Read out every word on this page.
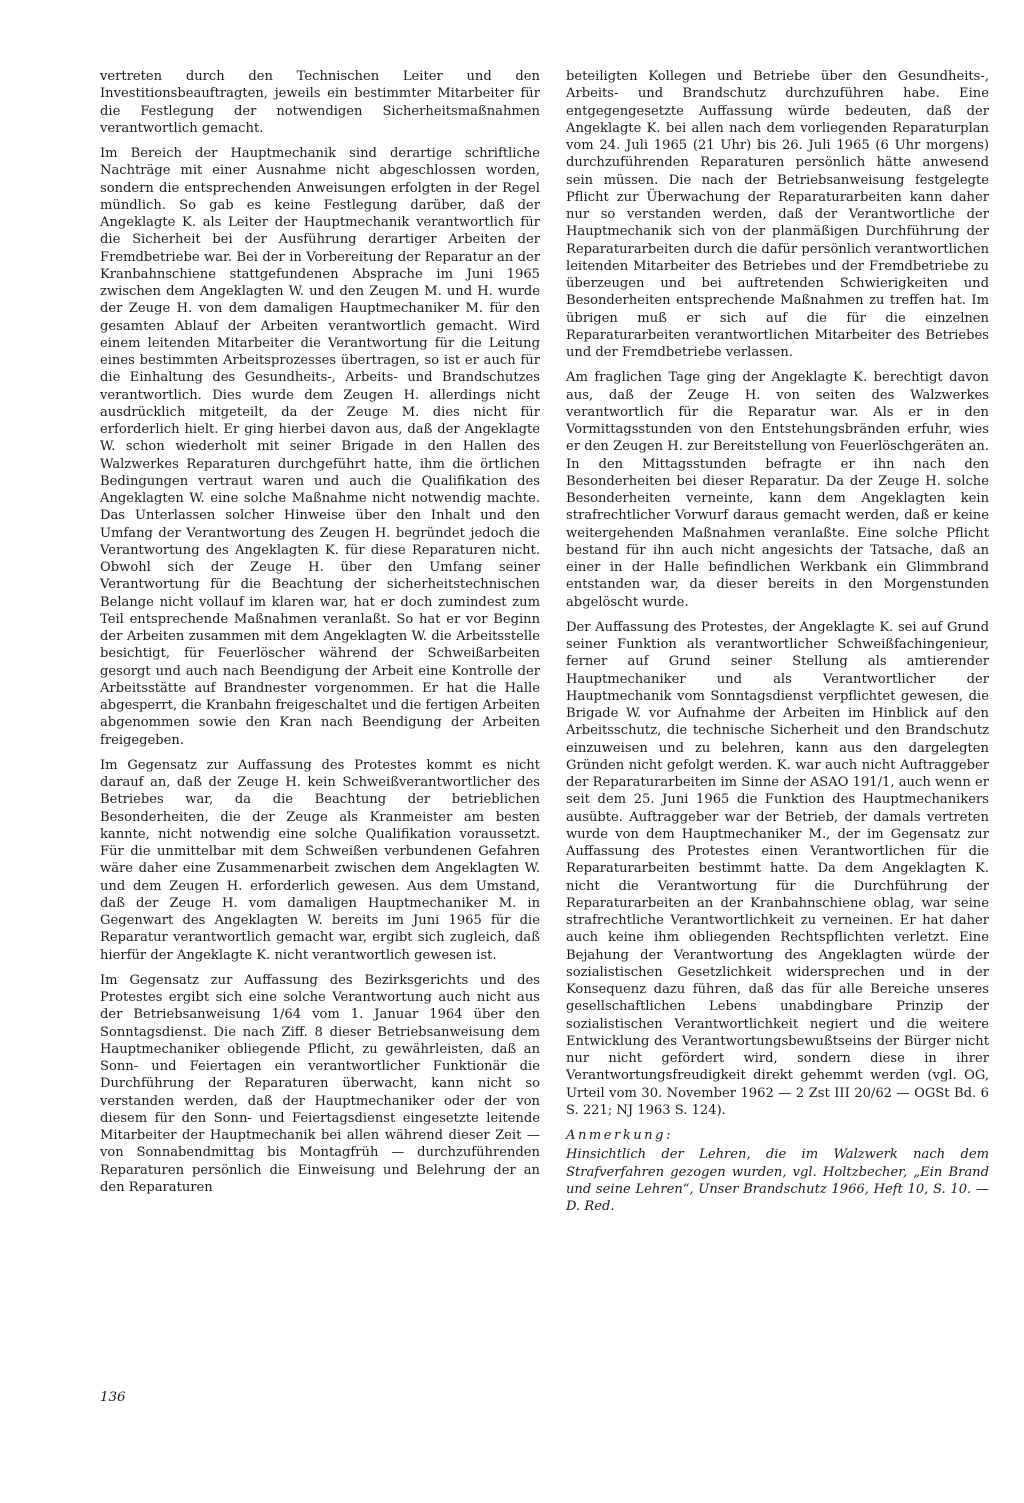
vertreten durch den Technischen Leiter und den Investitionsbeauftragten, jeweils ein bestimmter Mitarbeiter für die Festlegung der notwendigen Sicherheitsmaßnahmen verantwortlich gemacht.

Im Bereich der Hauptmechanik sind derartige schriftliche Nachträge mit einer Ausnahme nicht abgeschlossen worden, sondern die entsprechenden Anweisungen erfolgten in der Regel mündlich. So gab es keine Festlegung darüber, daß der Angeklagte K. als Leiter der Hauptmechanik verantwortlich für die Sicherheit bei der Ausführung derartiger Arbeiten der Fremdbetriebe war. Bei der in Vorbereitung der Reparatur an der Kranbahnschiene stattgefundenen Absprache im Juni 1965 zwischen dem Angeklagten W. und den Zeugen M. und H. wurde der Zeuge H. von dem damaligen Hauptmechaniker M. für den gesamten Ablauf der Arbeiten verantwortlich gemacht. Wird einem leitenden Mitarbeiter die Verantwortung für die Leitung eines bestimmten Arbeitsprozesses übertragen, so ist er auch für die Einhaltung des Gesundheits-, Arbeits- und Brandschutzes verantwortlich. Dies wurde dem Zeugen H. allerdings nicht ausdrücklich mitgeteilt, da der Zeuge M. dies nicht für erforderlich hielt. Er ging hierbei davon aus, daß der Angeklagte W. schon wiederholt mit seiner Brigade in den Hallen des Walzwerkes Reparaturen durchgeführt hatte, ihm die örtlichen Bedingungen vertraut waren und auch die Qualifikation des Angeklagten W. eine solche Maßnahme nicht notwendig machte. Das Unterlassen solcher Hinweise über den Inhalt und den Umfang der Verantwortung des Zeugen H. begründet jedoch die Verantwortung des Angeklagten K. für diese Reparaturen nicht. Obwohl sich der Zeuge H. über den Umfang seiner Verantwortung für die Beachtung der sicherheitstechnischen Belange nicht vollauf im klaren war, hat er doch zumindest zum Teil entsprechende Maßnahmen veranlaßt. So hat er vor Beginn der Arbeiten zusammen mit dem Angeklagten W. die Arbeitsstelle besichtigt, für Feuerlöscher während der Schweißarbeiten gesorgt und auch nach Beendigung der Arbeit eine Kontrolle der Arbeitsstätte auf Brandnester vorgenommen. Er hat die Halle abgesperrt, die Kranbahn freigeschaltet und die fertigen Arbeiten abgenommen sowie den Kran nach Beendigung der Arbeiten freigegeben.

Im Gegensatz zur Auffassung des Protestes kommt es nicht darauf an, daß der Zeuge H. kein Schweißverantwortlicher des Betriebes war, da die Beachtung der betrieblichen Besonderheiten, die der Zeuge als Kranmeister am besten kannte, nicht notwendig eine solche Qualifikation voraussetzt. Für die unmittelbar mit dem Schweißen verbundenen Gefahren wäre daher eine Zusammenarbeit zwischen dem Angeklagten W. und dem Zeugen H. erforderlich gewesen. Aus dem Umstand, daß der Zeuge H. vom damaligen Hauptmechaniker M. in Gegenwart des Angeklagten W. bereits im Juni 1965 für die Reparatur verantwortlich gemacht war, ergibt sich zugleich, daß hierfür der Angeklagte K. nicht verantwortlich gewesen ist.

Im Gegensatz zur Auffassung des Bezirksgerichts und des Protestes ergibt sich eine solche Verantwortung auch nicht aus der Betriebsanweisung 1/64 vom 1. Januar 1964 über den Sonntagsdienst. Die nach Ziff. 8 dieser Betriebsanweisung dem Hauptmechaniker obliegende Pflicht, zu gewährleisten, daß an Sonn- und Feiertagen ein verantwortlicher Funktionär die Durchführung der Reparaturen überwacht, kann nicht so verstanden werden, daß der Hauptmechaniker oder der von diesem für den Sonn- und Feiertagsdienst eingesetzte leitende Mitarbeiter der Hauptmechanik bei allen während dieser Zeit — von Sonnabendmittag bis Montagfrüh — durchzuführenden Reparaturen persönlich die Einweisung und Belehrung der an den Reparaturen

beteiligten Kollegen und Betriebe über den Gesundheits-, Arbeits- und Brandschutz durchzuführen habe. Eine entgegengesetzte Auffassung würde bedeuten, daß der Angeklagte K. bei allen nach dem vorliegenden Reparaturplan vom 24. Juli 1965 (21 Uhr) bis 26. Juli 1965 (6 Uhr morgens) durchzuführenden Reparaturen persönlich hätte anwesend sein müssen. Die nach der Betriebsanweisung festgelegte Pflicht zur Überwachung der Reparaturarbeiten kann daher nur so verstanden werden, daß der Verantwortliche der Hauptmechanik sich von der planmäßigen Durchführung der Reparaturarbeiten durch die dafür persönlich verantwortlichen leitenden Mitarbeiter des Betriebes und der Fremdbetriebe zu überzeugen und bei auftretenden Schwierigkeiten und Besonderheiten entsprechende Maßnahmen zu treffen hat. Im übrigen muß er sich auf die für die einzelnen Reparaturarbeiten verantwortlichen Mitarbeiter des Betriebes und der Fremdbetriebe verlassen.

Am fraglichen Tage ging der Angeklagte K. berechtigt davon aus, daß der Zeuge H. von seiten des Walzwerkes verantwortlich für die Reparatur war. Als er in den Vormittagsstunden von den Entstehungsbränden erfuhr, wies er den Zeugen H. zur Bereitstellung von Feuerlöschgeräten an. In den Mittagsstunden befragte er ihn nach den Besonderheiten bei dieser Reparatur. Da der Zeuge H. solche Besonderheiten verneinte, kann dem Angeklagten kein strafrechtlicher Vorwurf daraus gemacht werden, daß er keine weitergehenden Maßnahmen veranlaßte. Eine solche Pflicht bestand für ihn auch nicht angesichts der Tatsache, daß an einer in der Halle befindlichen Werkbank ein Glimmbrand entstanden war, da dieser bereits in den Morgenstunden abgelöscht wurde.

Der Auffassung des Protestes, der Angeklagte K. sei auf Grund seiner Funktion als verantwortlicher Schweißfachingenieur, ferner auf Grund seiner Stellung als amtierender Hauptmechaniker und als Verantwortlicher der Hauptmechanik vom Sonntagsdienst verpflichtet gewesen, die Brigade W. vor Aufnahme der Arbeiten im Hinblick auf den Arbeitsschutz, die technische Sicherheit und den Brandschutz einzuweisen und zu belehren, kann aus den dargelegten Gründen nicht gefolgt werden. K. war auch nicht Auftraggeber der Reparaturarbeiten im Sinne der ASAO 191/1, auch wenn er seit dem 25. Juni 1965 die Funktion des Hauptmechanikers ausübte. Auftraggeber war der Betrieb, der damals vertreten wurde von dem Hauptmechaniker M., der im Gegensatz zur Auffassung des Protestes einen Verantwortlichen für die Reparaturarbeiten bestimmt hatte. Da dem Angeklagten K. nicht die Verantwortung für die Durchführung der Reparaturarbeiten an der Kranbahnschiene oblag, war seine strafrechtliche Verantwortlichkeit zu verneinen. Er hat daher auch keine ihm obliegenden Rechtspflichten verletzt. Eine Bejahung der Verantwortung des Angeklagten würde der sozialistischen Gesetzlichkeit widersprechen und in der Konsequenz dazu führen, daß das für alle Bereiche unseres gesellschaftlichen Lebens unabdingbare Prinzip der sozialistischen Verantwortlichkeit negiert und die weitere Entwicklung des Verantwortungsbewußtseins der Bürger nicht nur nicht gefördert wird, sondern diese in ihrer Verantwortungsfreudigkeit direkt gehemmt werden (vgl. OG, Urteil vom 30. November 1962 — 2 Zst III 20/62 — OGSt Bd. 6 S. 221; NJ 1963 S. 124).

Anmerkung:

Hinsichtlich der Lehren, die im Walzwerk nach dem Strafverfahren gezogen wurden, vgl. Holtzbecher, „Ein Brand und seine Lehren“, Unser Brandschutz 1966, Heft 10, S. 10. — D. Red.

136
